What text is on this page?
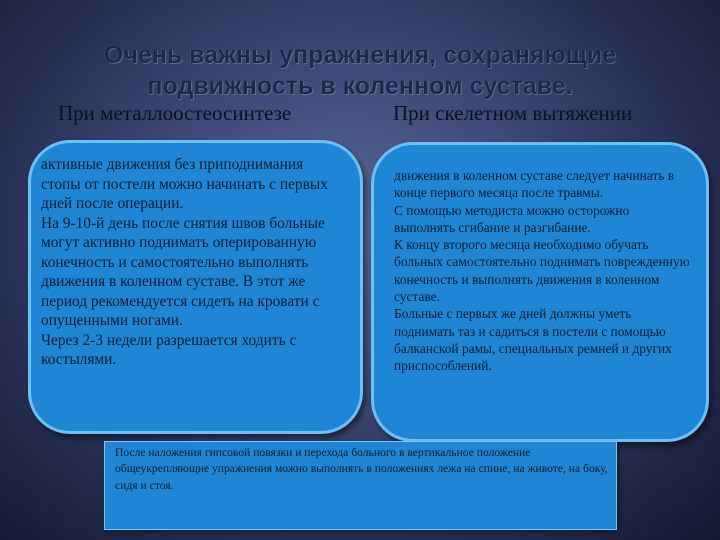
Очень важны упражнения, сохраняющие подвижность в коленном суставе.
При металлоостеосинтезе	При скелетном вытяжении

активные движения без приподнимания стопы от постели можно начинать с первых дней после операции.

На 9-10-й день после снятия швов больные могут активно поднимать оперированную конечность и самостоятельно выполнять движения в коленном суставе. В этот же период рекомендуется сидеть на кровати с опущенными ногами.

Через 2-3 недели разрешается ходить с костылями.

движения в коленном суставе следует начинать в конце первого месяца после травмы.

С помощью методиста можно осторожно выполнять сгибание и разгибание.

К концу второго месяца необходимо обучать больных самостоятельно поднимать поврежденную конечность и выполнять движения в коленном суставе.

Больные с первых же дней должны уметь поднимать таз и садиться в постели с помощью балканской рамы, специальных ремней и других приспособлений.

После наложения гипсовой повязки и перехода больного в вертикальное положение общеукрепляющие упражнения можно выполнять в положениях лежа на спине, на животе, на боку, сидя и стоя.
